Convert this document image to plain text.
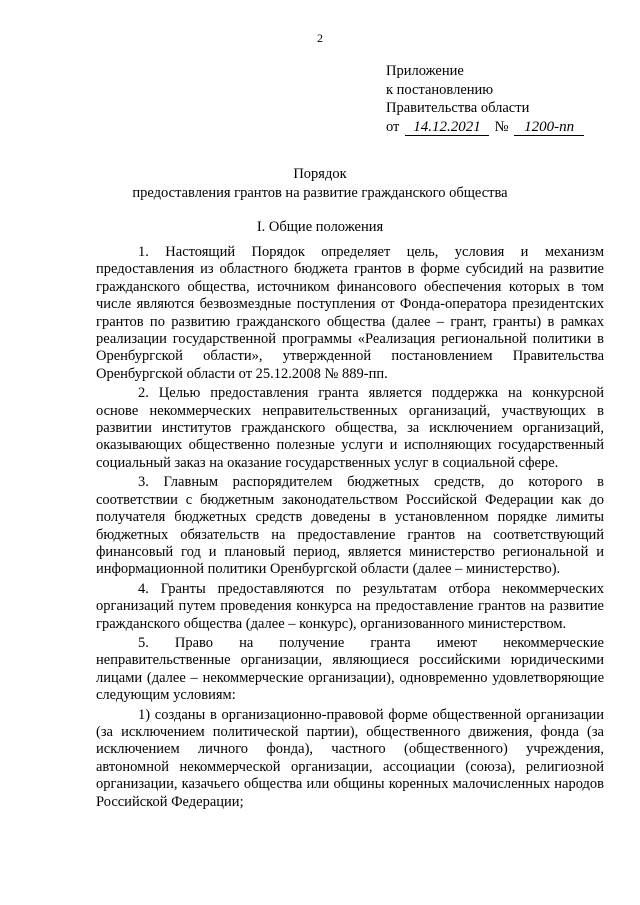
2
Приложение
к постановлению
Правительства области
от 14.12.2021 № 1200-пп
Порядок
предоставления грантов на развитие гражданского общества
I. Общие положения

1. Настоящий Порядок определяет цель, условия и механизм предоставления из областного бюджета грантов в форме субсидий на развитие гражданского общества, источником финансового обеспечения которых в том числе являются безвозмездные поступления от Фонда-оператора президентских грантов по развитию гражданского общества (далее – грант, гранты) в рамках реализации государственной программы «Реализация региональной политики в Оренбургской области», утвержденной постановлением Правительства Оренбургской области от 25.12.2008 № 889-пп.

2. Целью предоставления гранта является поддержка на конкурсной основе некоммерческих неправительственных организаций, участвующих в развитии институтов гражданского общества, за исключением организаций, оказывающих общественно полезные услуги и исполняющих государственный социальный заказ на оказание государственных услуг в социальной сфере.

3. Главным распорядителем бюджетных средств, до которого в соответствии с бюджетным законодательством Российской Федерации как до получателя бюджетных средств доведены в установленном порядке лимиты бюджетных обязательств на предоставление грантов на соответствующий финансовый год и плановый период, является министерство региональной и информационной политики Оренбургской области (далее – министерство).

4. Гранты предоставляются по результатам отбора некоммерческих организаций путем проведения конкурса на предоставление грантов на развитие гражданского общества (далее – конкурс), организованного министерством.

5. Право на получение гранта имеют некоммерческие неправительственные организации, являющиеся российскими юридическими лицами (далее – некоммерческие организации), одновременно удовлетворяющие следующим условиям:

1) созданы в организационно-правовой форме общественной организации (за исключением политической партии), общественного движения, фонда (за исключением личного фонда), частного (общественного) учреждения, автономной некоммерческой организации, ассоциации (союза), религиозной организации, казачьего общества или общины коренных малочисленных народов Российской Федерации;
